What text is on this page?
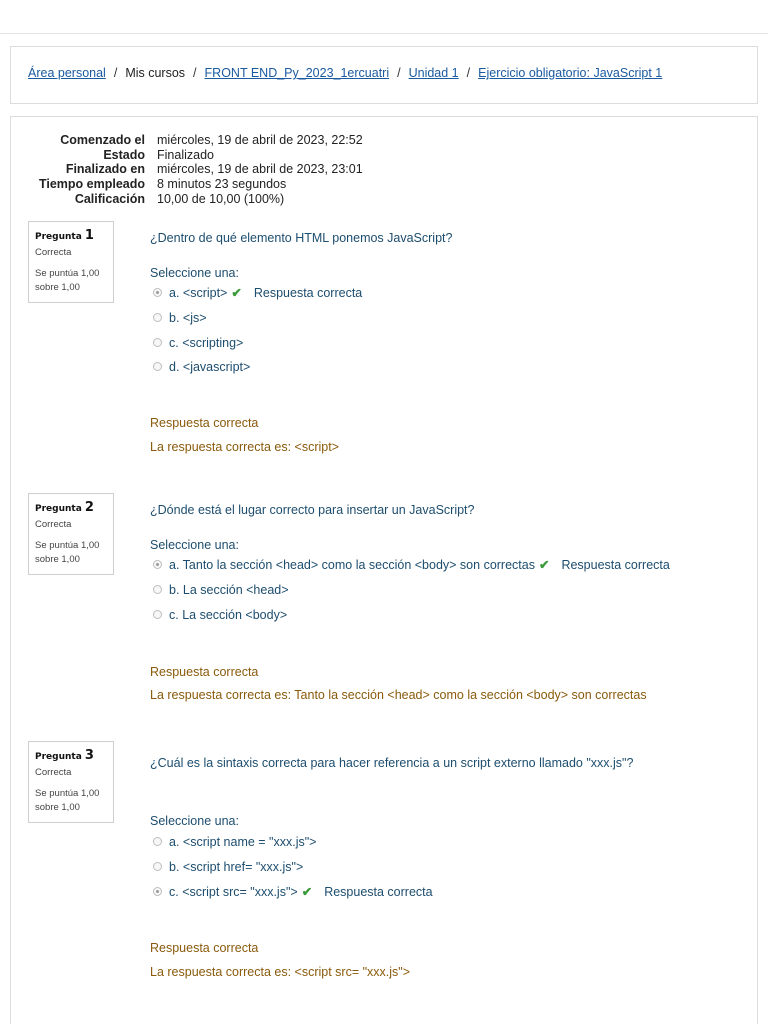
Área personal / Mis cursos / FRONT END_Py_2023_1ercuatri / Unidad 1 / Ejercicio obligatorio: JavaScript 1
Comenzado el miércoles, 19 de abril de 2023, 22:52
Estado Finalizado
Finalizado en miércoles, 19 de abril de 2023, 23:01
Tiempo empleado 8 minutos 23 segundos
Calificación 10,00 de 10,00 (100%)
Pregunta 1
Correcta
Se puntúa 1,00
sobre 1,00
¿Dentro de qué elemento HTML ponemos JavaScript?
Seleccione una:
a. <script> ✔ Respuesta correcta
b. <js>
c. <scripting>
d. <javascript>
Respuesta correcta
La respuesta correcta es: <script>
Pregunta 2
Correcta
Se puntúa 1,00
sobre 1,00
¿Dónde está el lugar correcto para insertar un JavaScript?
Seleccione una:
a. Tanto la sección <head> como la sección <body> son correctas ✔ Respuesta correcta
b. La sección <head>
c. La sección <body>
Respuesta correcta
La respuesta correcta es: Tanto la sección <head> como la sección <body> son correctas
Pregunta 3
Correcta
Se puntúa 1,00
sobre 1,00
¿Cuál es la sintaxis correcta para hacer referencia a un script externo llamado "xxx.js"?
Seleccione una:
a. <script name = "xxx.js">
b. <script href= "xxx.js">
c. <script src= "xxx.js"> ✔ Respuesta correcta
Respuesta correcta
La respuesta correcta es: <script src= "xxx.js">
